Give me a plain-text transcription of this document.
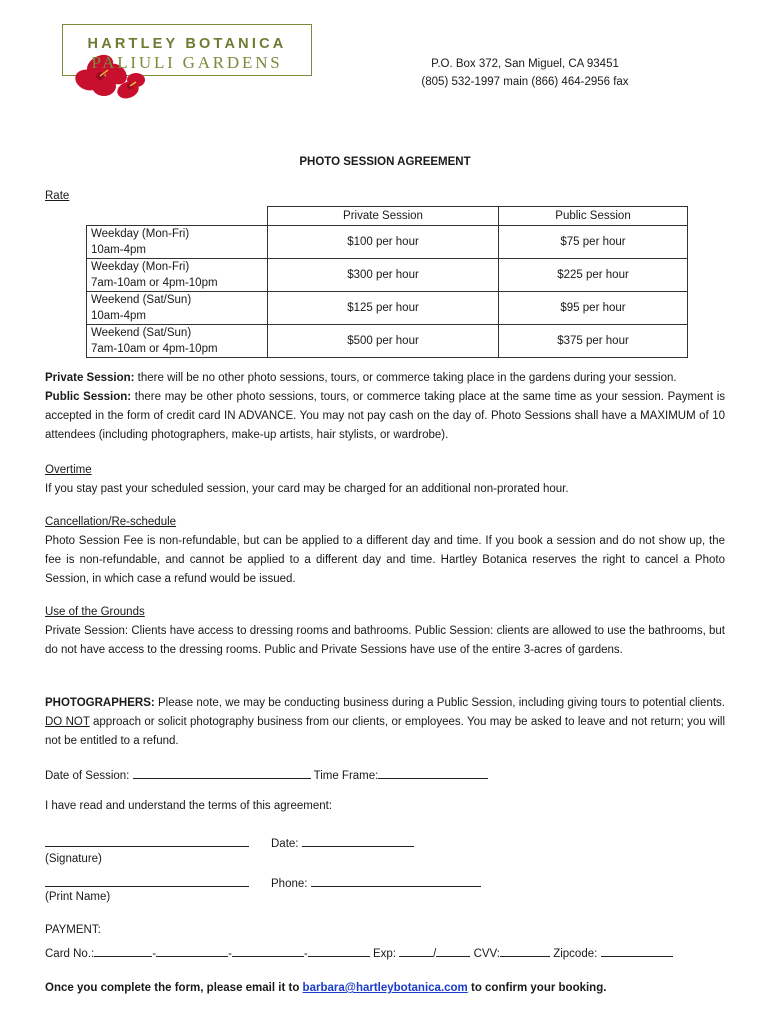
HARTLEY BOTANICA
PALIULI GARDENS	P.O. Box 372, San Miguel, CA 93451
(805) 532-1997 main (866) 464-2956 fax
PHOTO SESSION AGREEMENT
Rate
	Private Session	Public Session
Weekday (Mon-Fri)
10am-4pm	$100 per hour	$75 per hour
Weekday (Mon-Fri)
7am-10am or 4pm-10pm	$300 per hour	$225 per hour
Weekend (Sat/Sun)
10am-4pm	$125 per hour	$95 per hour
Weekend (Sat/Sun)
7am-10am or 4pm-10pm	$500 per hour	$375 per hour
Private Session: there will be no other photo sessions, tours, or commerce taking place in the gardens during your session.
Public Session: there may be other photo sessions, tours, or commerce taking place at the same time as your session. Payment is accepted in the form of credit card IN ADVANCE. You may not pay cash on the day of. Photo Sessions shall have a MAXIMUM of 10 attendees (including photographers, make-up artists, hair stylists, or wardrobe).
Overtime
If you stay past your scheduled session, your card may be charged for an additional non-prorated hour.
Cancellation/Re-schedule
Photo Session Fee is non-refundable, but can be applied to a different day and time. If you book a session and do not show up, the fee is non-refundable, and cannot be applied to a different day and time. Hartley Botanica reserves the right to cancel a Photo Session, in which case a refund would be issued.
Use of the Grounds
Private Session: Clients have access to dressing rooms and bathrooms. Public Session: clients are allowed to use the bathrooms, but do not have access to the dressing rooms. Public and Private Sessions have use of the entire 3-acres of gardens.
PHOTOGRAPHERS: Please note, we may be conducting business during a Public Session, including giving tours to potential clients. DO NOT approach or solicit photography business from our clients, or employees. You may be asked to leave and not return; you will not be entitled to a refund.
Date of Session:	Time Frame:
I have read and understand the terms of this agreement:
Date:
(Signature)
Phone:
(Print Name)
PAYMENT:
Card No.:	-	-	-	Exp:	/	CVV:	Zipcode:
Once you complete the form, please email it to barbara@hartleybotanica.com to confirm your booking.
